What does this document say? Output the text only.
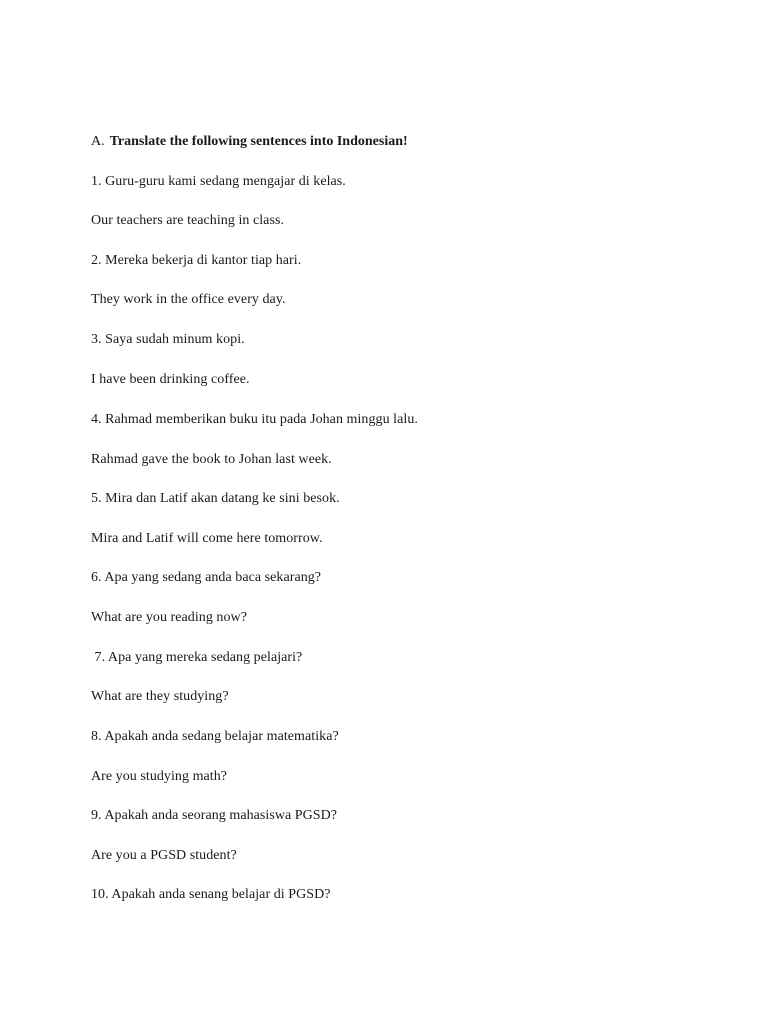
A. Translate the following sentences into Indonesian!
1. Guru-guru kami sedang mengajar di kelas.
Our teachers are teaching in class.
2. Mereka bekerja di kantor tiap hari.
They work in the office every day.
3. Saya sudah minum kopi.
I have been drinking coffee.
4. Rahmad memberikan buku itu pada Johan minggu lalu.
Rahmad gave the book to Johan last week.
5. Mira dan Latif akan datang ke sini besok.
Mira and Latif will come here tomorrow.
6. Apa yang sedang anda baca sekarang?
What are you reading now?
7. Apa yang mereka sedang pelajari?
What are they studying?
8. Apakah anda sedang belajar matematika?
Are you studying math?
9. Apakah anda seorang mahasiswa PGSD?
Are you a PGSD student?
10. Apakah anda senang belajar di PGSD?
